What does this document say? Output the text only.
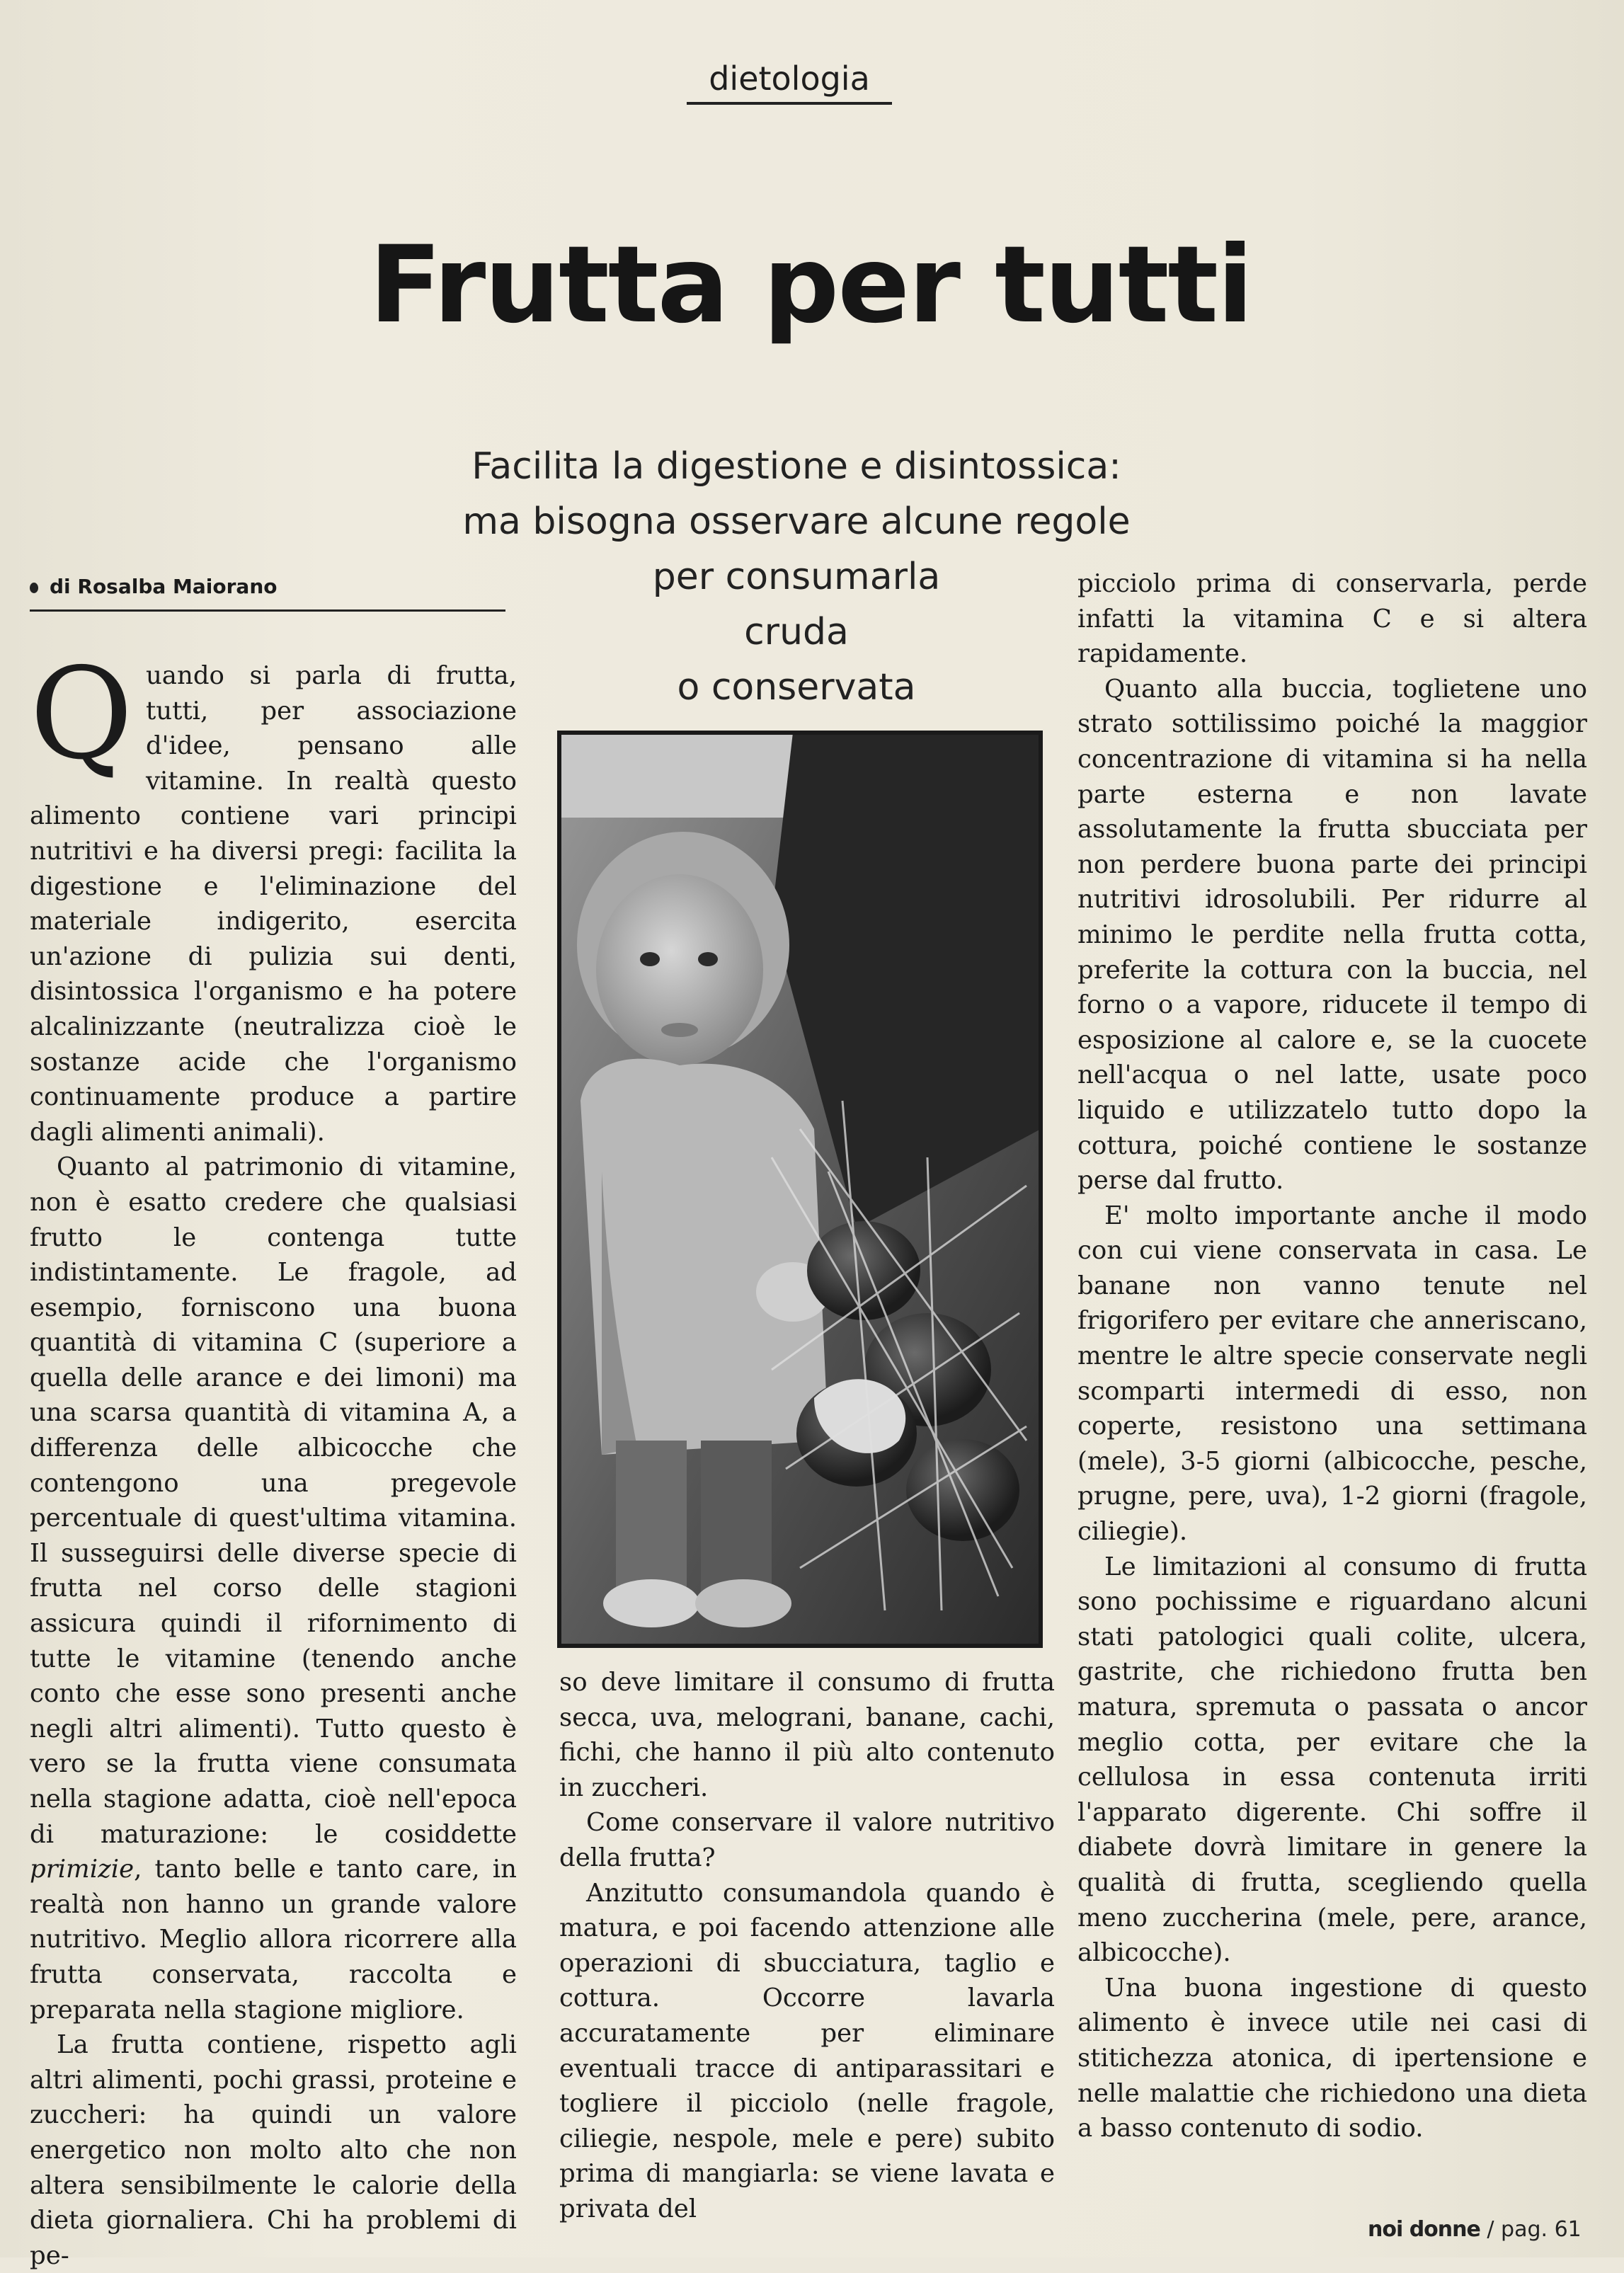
dietologia
Frutta per tutti
Facilita la digestione e disintossica:
ma bisogna osservare alcune regole
per consumarla
cruda
o conservata
di Rosalba Maiorano

Quando si parla di frutta, tutti, per associazione d'idee, pensano alle vitamine. In realtà questo alimento contiene vari principi nutritivi e ha diversi pregi: facilita la digestione e l'eliminazione del materiale indigerito, esercita un'azione di pulizia sui denti, disintossica l'organismo e ha potere alcalinizzante (neutralizza cioè le sostanze acide che l'organismo continuamente produce a partire dagli alimenti animali).

Quanto al patrimonio di vitamine, non è esatto credere che qualsiasi frutto le contenga tutte indistintamente. Le fragole, ad esempio, forniscono una buona quantità di vitamina C (superiore a quella delle arance e dei limoni) ma una scarsa quantità di vitamina A, a differenza delle albicocche che contengono una pregevole percentuale di quest'ultima vitamina. Il susseguirsi delle diverse specie di frutta nel corso delle stagioni assicura quindi il rifornimento di tutte le vitamine (tenendo anche conto che esse sono presenti anche negli altri alimenti). Tutto questo è vero se la frutta viene consumata nella stagione adatta, cioè nell'epoca di maturazione: le cosiddette primizie, tanto belle e tanto care, in realtà non hanno un grande valore nutritivo. Meglio allora ricorrere alla frutta conservata, raccolta e preparata nella stagione migliore.

La frutta contiene, rispetto agli altri alimenti, pochi grassi, proteine e zuccheri: ha quindi un valore energetico non molto alto che non altera sensibilmente le calorie della dieta giornaliera. Chi ha problemi di pe-

so deve limitare il consumo di frutta secca, uva, melograni, banane, cachi, fichi, che hanno il più alto contenuto in zuccheri.

Come conservare il valore nutritivo della frutta?

Anzitutto consumandola quando è matura, e poi facendo attenzione alle operazioni di sbucciatura, taglio e cottura. Occorre lavarla accuratamente per eliminare eventuali tracce di antiparassitari e togliere il picciolo (nelle fragole, ciliegie, nespole, mele e pere) subito prima di mangiarla: se viene lavata e privata del

picciolo prima di conservarla, perde infatti la vitamina C e si altera rapidamente.

Quanto alla buccia, toglietene uno strato sottilissimo poiché la maggior concentrazione di vitamina si ha nella parte esterna e non lavate assolutamente la frutta sbucciata per non perdere buona parte dei principi nutritivi idrosolubili. Per ridurre al minimo le perdite nella frutta cotta, preferite la cottura con la buccia, nel forno o a vapore, riducete il tempo di esposizione al calore e, se la cuocete nell'acqua o nel latte, usate poco liquido e utilizzatelo tutto dopo la cottura, poiché contiene le sostanze perse dal frutto.

E' molto importante anche il modo con cui viene conservata in casa. Le banane non vanno tenute nel frigorifero per evitare che anneriscano, mentre le altre specie conservate negli scomparti intermedi di esso, non coperte, resistono una settimana (mele), 3-5 giorni (albicocche, pesche, prugne, pere, uva), 1-2 giorni (fragole, ciliegie).

Le limitazioni al consumo di frutta sono pochissime e riguardano alcuni stati patologici quali colite, ulcera, gastrite, che richiedono frutta ben matura, spremuta o passata o ancor meglio cotta, per evitare che la cellulosa in essa contenuta irriti l'apparato digerente. Chi soffre il diabete dovrà limitare in genere la qualità di frutta, scegliendo quella meno zuccherina (mele, pere, arance, albicocche).

Una buona ingestione di questo alimento è invece utile nei casi di stitichezza atonica, di ipertensione e nelle malattie che richiedono una dieta a basso contenuto di sodio.

noi donne / pag. 61
